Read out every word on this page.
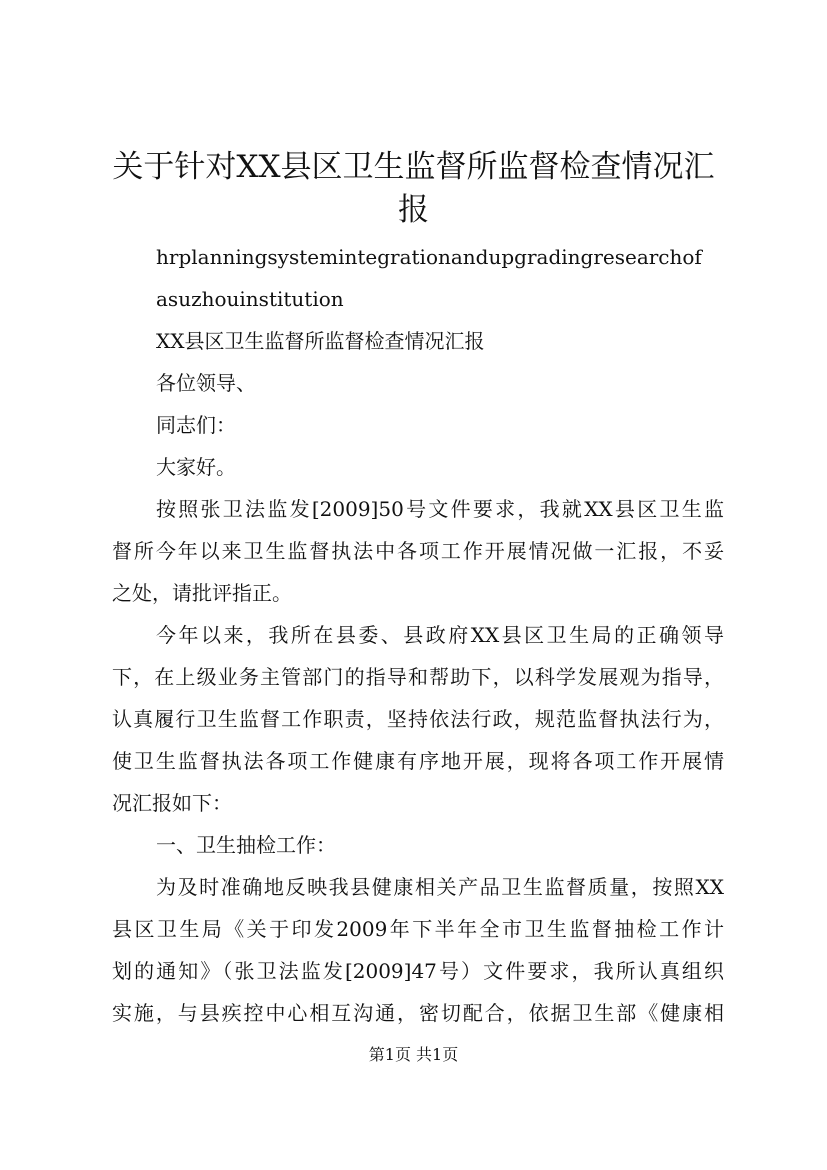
关于针对XX县区卫生监督所监督检查情况汇
报
hrplanningsystemintegrationandupgradingresearchof
asuzhouinstitution
XX县区卫生监督所监督检查情况汇报
各位领导、
同志们：
大家好。
按照张卫法监发[2009]50号文件要求，我就XX县区卫生监
督所今年以来卫生监督执法中各项工作开展情况做一汇报，不妥
之处，请批评指正。
今年以来，我所在县委、县政府XX县区卫生局的正确领导
下，在上级业务主管部门的指导和帮助下，以科学发展观为指导，
认真履行卫生监督工作职责，坚持依法行政，规范监督执法行为，
使卫生监督执法各项工作健康有序地开展，现将各项工作开展情
况汇报如下：
一、卫生抽检工作：
为及时准确地反映我县健康相关产品卫生监督质量，按照XX
县区卫生局《关于印发2009年下半年全市卫生监督抽检工作计
划的通知》（张卫法监发[2009]47号）文件要求，我所认真组织
实施，与县疾控中心相互沟通，密切配合，依据卫生部《健康相
第1页 共1页
